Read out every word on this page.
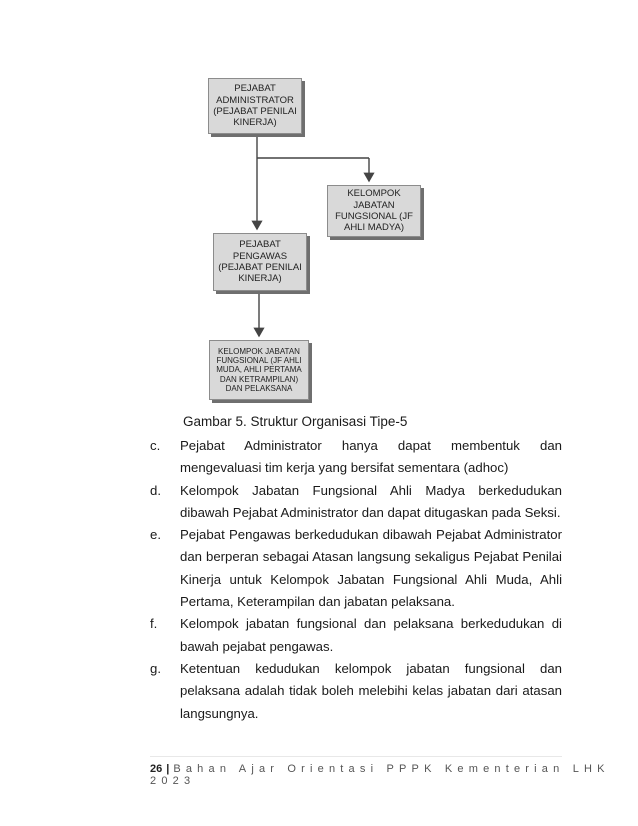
PEJABAT
ADMINISTRATOR
(PEJABAT PENILAI
KINERJA)
KELOMPOK
JABATAN
FUNGSIONAL (JF
AHLI MADYA)
PEJABAT
PENGAWAS
(PEJABAT PENILAI
KINERJA)
KELOMPOK JABATAN
FUNGSIONAL (JF AHLI
MUDA, AHLI PERTAMA
DAN KETRAMPILAN)
DAN PELAKSANA
Gambar 5. Struktur Organisasi Tipe-5
c. Pejabat Administrator hanya dapat membentuk dan mengevaluasi tim kerja yang bersifat sementara (adhoc)
d. Kelompok Jabatan Fungsional Ahli Madya berkedudukan dibawah Pejabat Administrator dan dapat ditugaskan pada Seksi.
e. Pejabat Pengawas berkedudukan dibawah Pejabat Administrator dan berperan sebagai Atasan langsung sekaligus Pejabat Penilai Kinerja untuk Kelompok Jabatan Fungsional Ahli Muda, Ahli Pertama, Keterampilan dan jabatan pelaksana.
f. Kelompok jabatan fungsional dan pelaksana berkedudukan di bawah pejabat pengawas.
g. Ketentuan kedudukan kelompok jabatan fungsional dan pelaksana adalah tidak boleh melebihi kelas jabatan dari atasan langsungnya.
26 | Bahan Ajar Orientasi PPPK Kementerian LHK 2023
